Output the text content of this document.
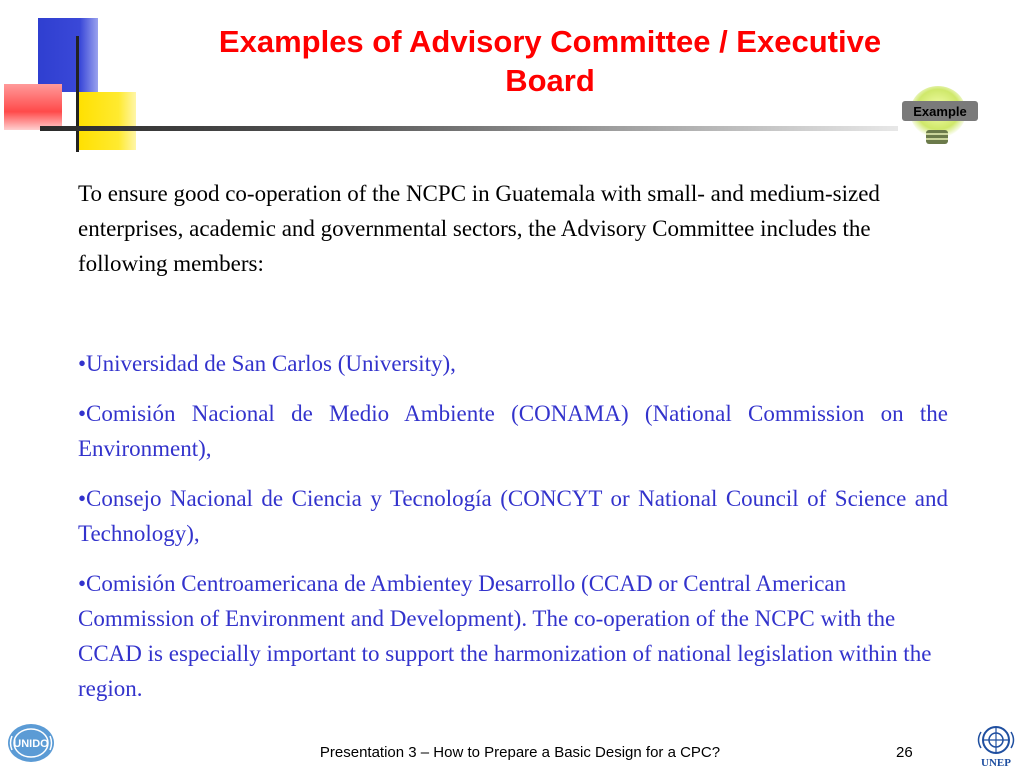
Examples of Advisory Committee / Executive Board
Example
To ensure good co-operation of the NCPC in Guatemala with small- and medium-sized enterprises, academic and governmental sectors, the Advisory Committee includes the following members:
•Universidad de San Carlos (University),
•Comisión Nacional de Medio Ambiente (CONAMA) (National Commission on the Environment),
•Consejo Nacional de Ciencia y Tecnología (CONCYT or National Council of Science and Technology),
•Comisión Centroamericana de Ambientey Desarrollo (CCAD or Central American Commission of Environment and Development). The co-operation of the NCPC with the CCAD is especially important to support the harmonization of national legislation within the region.
UNIDO	Presentation 3 – How to Prepare a Basic Design for a CPC?	26
UNEP
